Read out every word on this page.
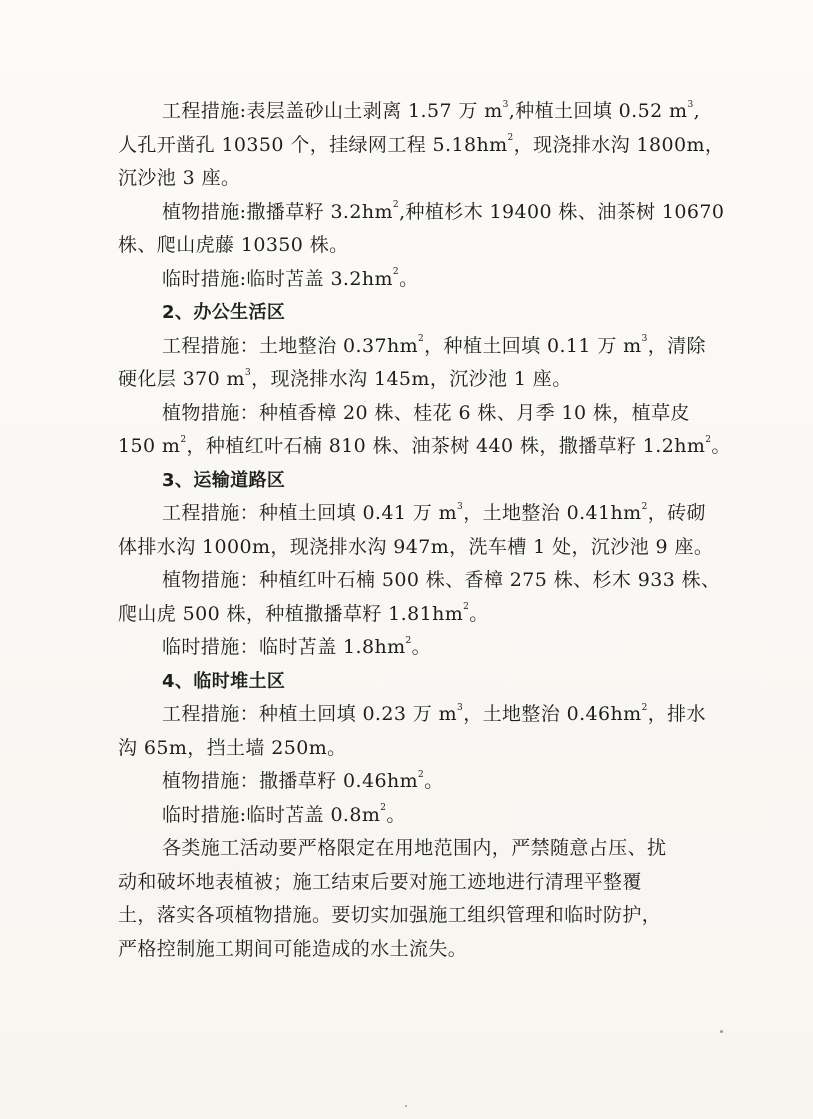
工程措施:表层盖砂山土剥离 1.57 万 $m^3$,种植土回填 0.52 $m^3$,
人孔开凿孔 10350 个，挂绿网工程 $5.18hm^2$，现浇排水沟 1800m，
沉沙池 3 座。
植物措施:撒播草籽 $3.2hm^2$,种植杉木 19400 株、油茶树 10670
株、爬山虎藤 10350 株。
临时措施:临时苫盖 $3.2hm^2$。
2、办公生活区
工程措施：土地整治 $0.37hm^2$，种植土回填 0.11 万 $m^3$，清除
硬化层 370 $m^3$，现浇排水沟 145m，沉沙池 1 座。
植物措施：种植香樟 20 株、桂花 6 株、月季 10 株，植草皮
150 $m^2$，种植红叶石楠 810 株、油茶树 440 株，撒播草籽 $1.2hm^2$。
3、运输道路区
工程措施：种植土回填 0.41 万 $m^3$，土地整治 $0.41hm^2$，砖砌
体排水沟 1000m，现浇排水沟 947m，洗车槽 1 处，沉沙池 9 座。
植物措施：种植红叶石楠 500 株、香樟 275 株、杉木 933 株、
爬山虎 500 株，种植撒播草籽 $1.81hm^2$。
临时措施：临时苫盖 $1.8hm^2$。
4、临时堆土区
工程措施：种植土回填 0.23 万 $m^3$，土地整治 $0.46hm^2$，排水
沟 65m，挡土墙 250m。
植物措施：撒播草籽 $0.46hm^2$。
临时措施:临时苫盖 $0.8m^2$。
各类施工活动要严格限定在用地范围内，严禁随意占压、扰
动和破坏地表植被；施工结束后要对施工迹地进行清理平整覆
土，落实各项植物措施。要切实加强施工组织管理和临时防护，
严格控制施工期间可能造成的水土流失。
